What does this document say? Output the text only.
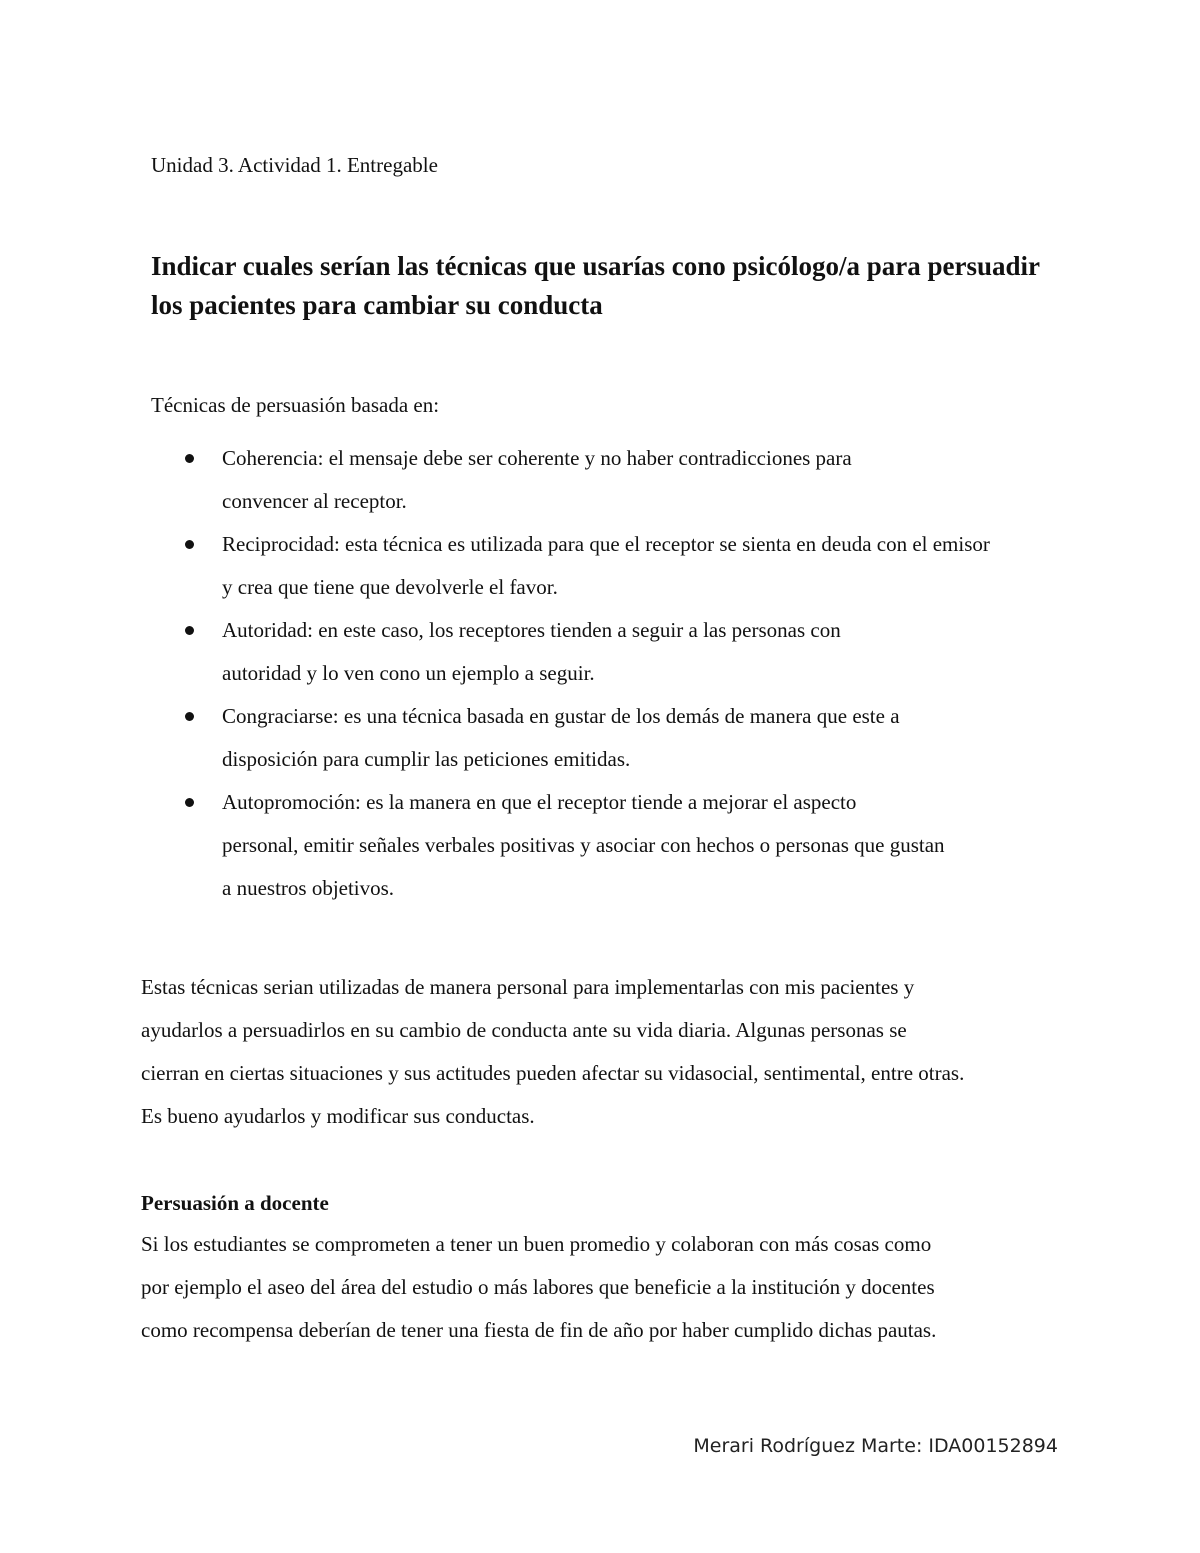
Unidad 3. Actividad 1. Entregable
Indicar cuales serían las técnicas que usarías cono psicólogo/a para persuadir
los pacientes para cambiar su conducta
Técnicas de persuasión basada en:
Coherencia: el mensaje debe ser coherente y no haber contradicciones para
convencer al receptor.
Reciprocidad: esta técnica es utilizada para que el receptor se sienta en deuda con el emisor
y crea que tiene que devolverle el favor.
Autoridad: en este caso, los receptores tienden a seguir a las personas con
autoridad y lo ven cono un ejemplo a seguir.
Congraciarse: es una técnica basada en gustar de los demás de manera que este a
disposición para cumplir las peticiones emitidas.
Autopromoción: es la manera en que el receptor tiende a mejorar el aspecto
personal, emitir señales verbales positivas y asociar con hechos o personas que gustan
a nuestros objetivos.

Estas técnicas serian utilizadas de manera personal para implementarlas con mis pacientes y
ayudarlos a persuadirlos en su cambio de conducta ante su vida diaria. Algunas personas se
cierran en ciertas situaciones y sus actitudes pueden afectar su vidasocial, sentimental, entre otras.
Es bueno ayudarlos y modificar sus conductas.

Persuasión a docente

Si los estudiantes se comprometen a tener un buen promedio y colaboran con más cosas como
por ejemplo el aseo del área del estudio o más labores que beneficie a la institución y docentes
como recompensa deberían de tener una fiesta de fin de año por haber cumplido dichas pautas.

Merari Rodríguez Marte: IDA00152894
